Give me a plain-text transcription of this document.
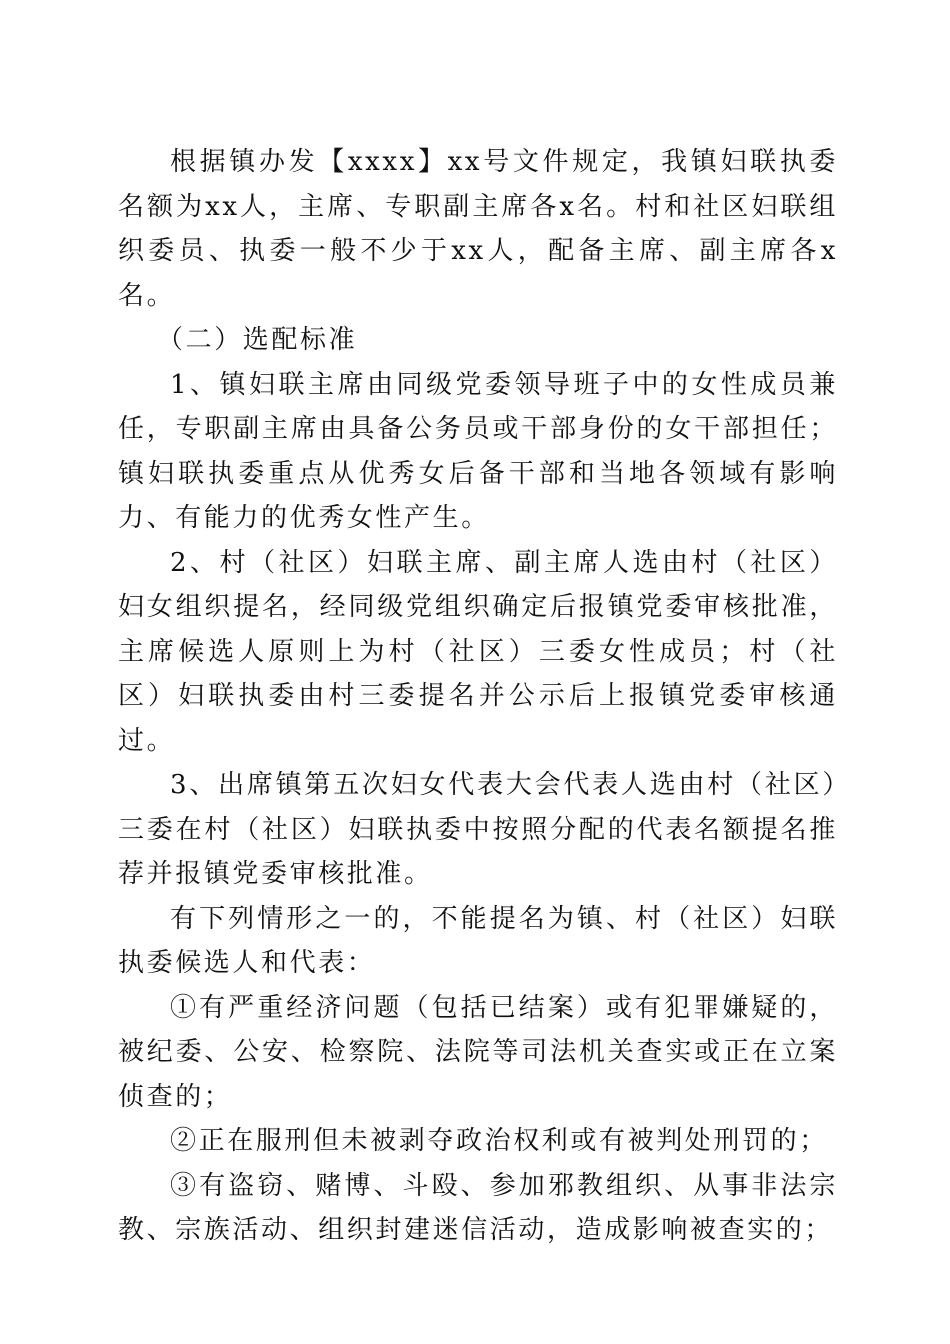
根据镇办发【xxxx】xx号文件规定，我镇妇联执委名额为xx人，主席、专职副主席各x名。村和社区妇联组织委员、执委一般不少于xx人，配备主席、副主席各x名。

（二）选配标准

1、镇妇联主席由同级党委领导班子中的女性成员兼任，专职副主席由具备公务员或干部身份的女干部担任；镇妇联执委重点从优秀女后备干部和当地各领域有影响力、有能力的优秀女性产生。

2、村（社区）妇联主席、副主席人选由村（社区）妇女组织提名，经同级党组织确定后报镇党委审核批准，主席候选人原则上为村（社区）三委女性成员；村（社区）妇联执委由村三委提名并公示后上报镇党委审核通过。

3、出席镇第五次妇女代表大会代表人选由村（社区）三委在村（社区）妇联执委中按照分配的代表名额提名推荐并报镇党委审核批准。

有下列情形之一的，不能提名为镇、村（社区）妇联执委候选人和代表：

①有严重经济问题（包括已结案）或有犯罪嫌疑的，被纪委、公安、检察院、法院等司法机关查实或正在立案侦查的；

②正在服刑但未被剥夺政治权利或有被判处刑罚的；

③有盗窃、赌博、斗殴、参加邪教组织、从事非法宗教、宗族活动、组织封建迷信活动，造成影响被查实的；
